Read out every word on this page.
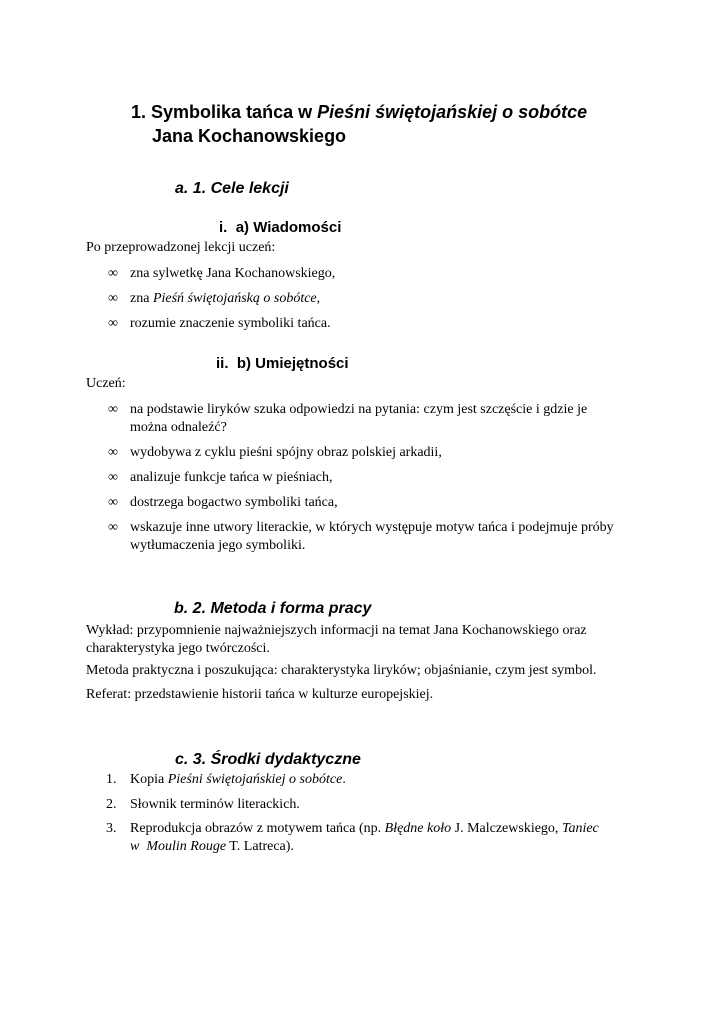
1. Symbolika tańca w Pieśni świętojańskiej o sobótce
Jana Kochanowskiego
a. 1. Cele lekcji
i. a) Wiadomości
Po przeprowadzonej lekcji uczeń:
∞ zna sylwetkę Jana Kochanowskiego,
∞ zna Pieśń świętojańską o sobótce,
∞ rozumie znaczenie symboliki tańca.
ii. b) Umiejętności
Uczeń:
∞ na podstawie liryków szuka odpowiedzi na pytania: czym jest szczęście i gdzie je
można odnaleźć?
∞ wydobywa z cyklu pieśni spójny obraz polskiej arkadii,
∞ analizuje funkcje tańca w pieśniach,
∞ dostrzega bogactwo symboliki tańca,
∞ wskazuje inne utwory literackie, w których występuje motyw tańca i podejmuje próby
wytłumaczenia jego symboliki.
b. 2. Metoda i forma pracy
Wykład: przypomnienie najważniejszych informacji na temat Jana Kochanowskiego oraz
charakterystyka jego twórczości.
Metoda praktyczna i poszukująca: charakterystyka liryków; objaśnianie, czym jest symbol.
Referat: przedstawienie historii tańca w kulturze europejskiej.
c. 3. Środki dydaktyczne
1. Kopia Pieśni świętojańskiej o sobótce.
2. Słownik terminów literackich.
3. Reprodukcja obrazów z motywem tańca (np. Błędne koło J. Malczewskiego, Taniec
w  Moulin Rouge T. Latreca).
